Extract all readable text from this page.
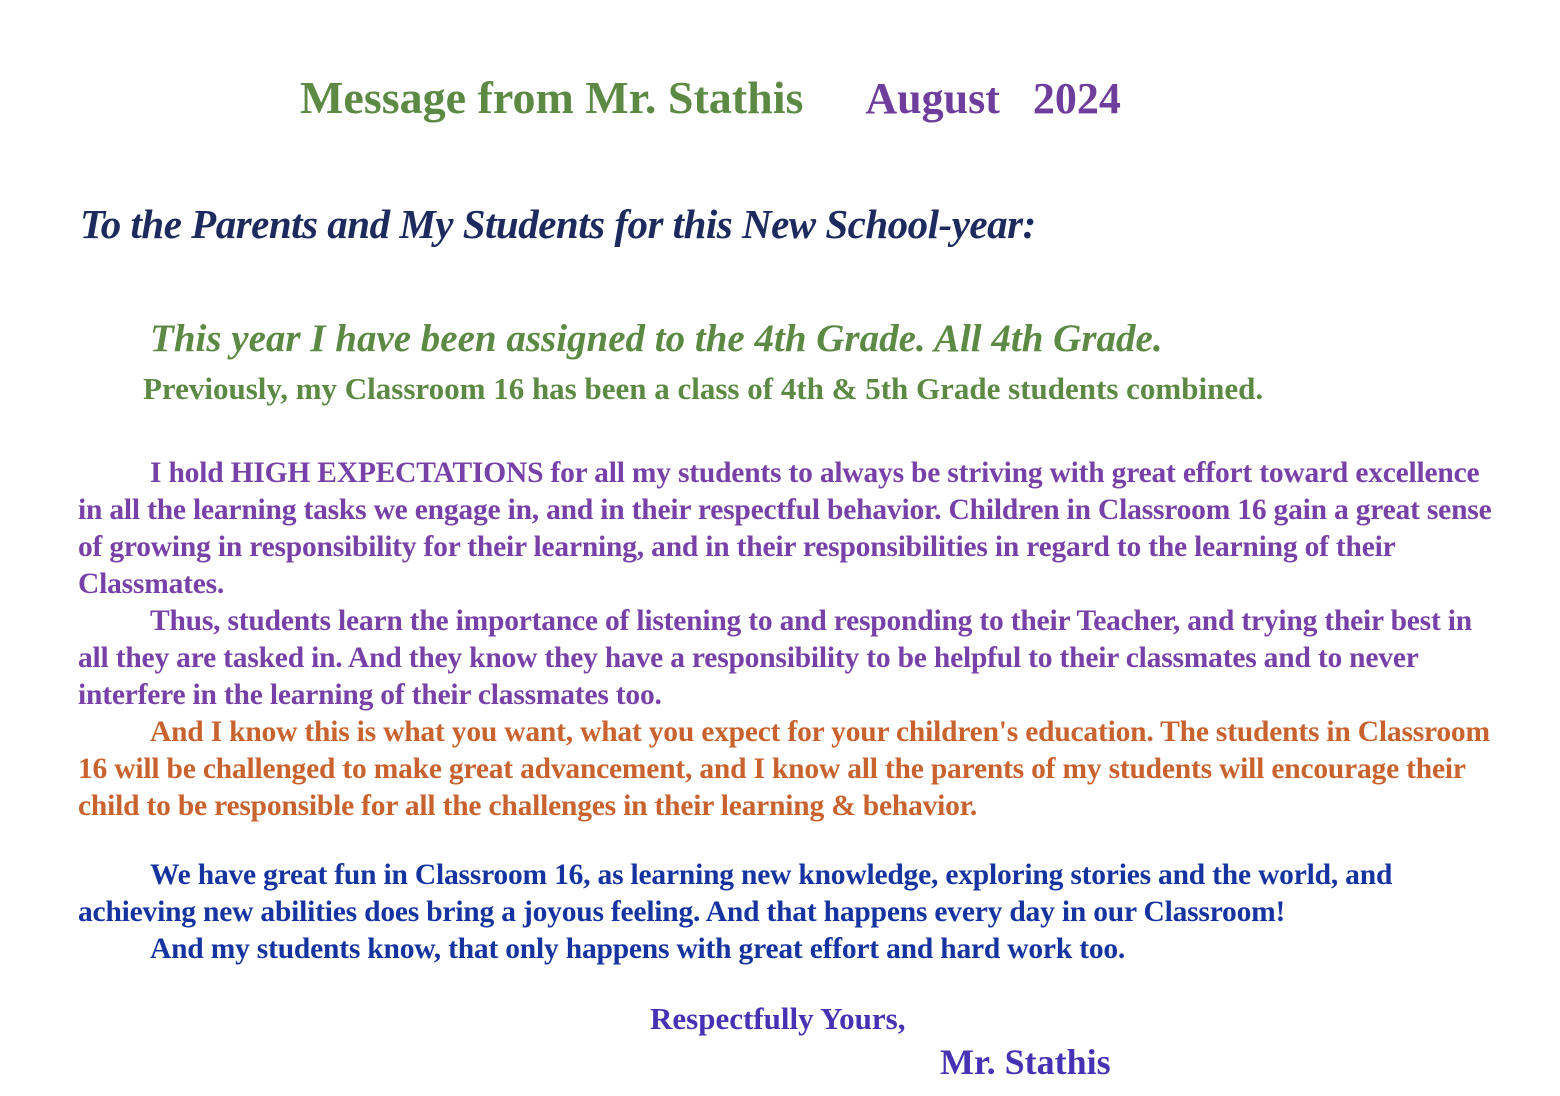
Message from Mr. Stathis August   2024
To the Parents and My Students for this New School-year:
This year I have been assigned to the 4th Grade. All 4th Grade.
Previously, my Classroom 16 has been a class of 4th & 5th Grade students combined.
I hold HIGH EXPECTATIONS for all my students to always be striving with great effort toward excellence in all the learning tasks we engage in, and in their respectful behavior. Children in Classroom 16 gain a great sense of growing in responsibility for their learning, and in their responsibilities in regard to the learning of their Classmates.
Thus, students learn the importance of listening to and responding to their Teacher, and trying their best in all they are tasked in. And they know they have a responsibility to be helpful to their classmates and to never interfere in the learning of their classmates too.
And I know this is what you want, what you expect for your children's education. The students in Classroom 16 will be challenged to make great advancement, and I know all the parents of my students will encourage their child to be responsible for all the challenges in their learning & behavior.
We have great fun in Classroom 16, as learning new knowledge, exploring stories and the world, and achieving new abilities does bring a joyous feeling. And that happens every day in our Classroom!
And my students know, that only happens with great effort and hard work too.
Respectfully Yours,
Mr. Stathis
